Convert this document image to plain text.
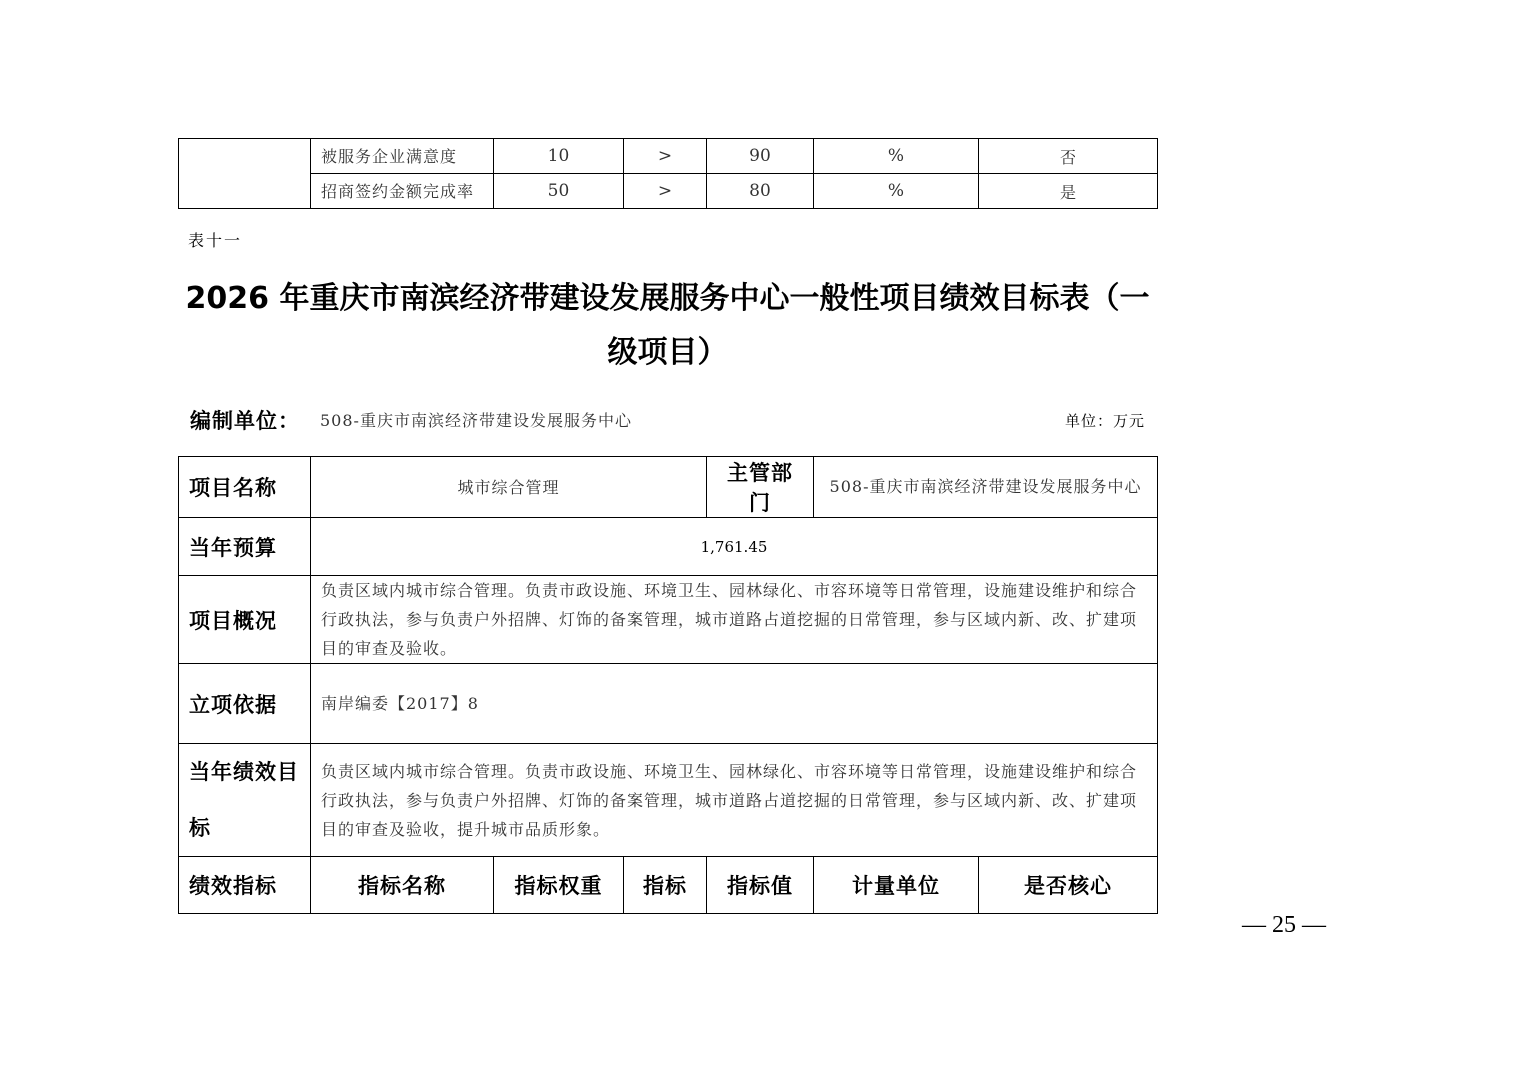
	被服务企业满意度	10	>	90	%	否
	招商签约金额完成率	50	>	80	%	是
表十一
2026 年重庆市南滨经济带建设发展服务中心一般性项目绩效目标表（一级项目）
编制单位： 508-重庆市南滨经济带建设发展服务中心	单位：万元
项目名称	城市综合管理			主管部门	508-重庆市南滨经济带建设发展服务中心	
当年预算	1,761.45					
项目概况	负责区域内城市综合管理。负责市政设施、环境卫生、园林绿化、市容环境等日常管理，设施建设维护和综合行政执法，参与负责户外招牌、灯饰的备案管理，城市道路占道挖掘的日常管理，参与区域内新、改、扩建项目的审查及验收。					
立项依据	南岸编委【2017】8					
当年绩效目标	负责区域内城市综合管理。负责市政设施、环境卫生、园林绿化、市容环境等日常管理，设施建设维护和综合行政执法，参与负责户外招牌、灯饰的备案管理，城市道路占道挖掘的日常管理，参与区域内新、改、扩建项目的审查及验收，提升城市品质形象。					
绩效指标	指标名称	指标权重	指标	指标值	计量单位	是否核心
— 25 —
